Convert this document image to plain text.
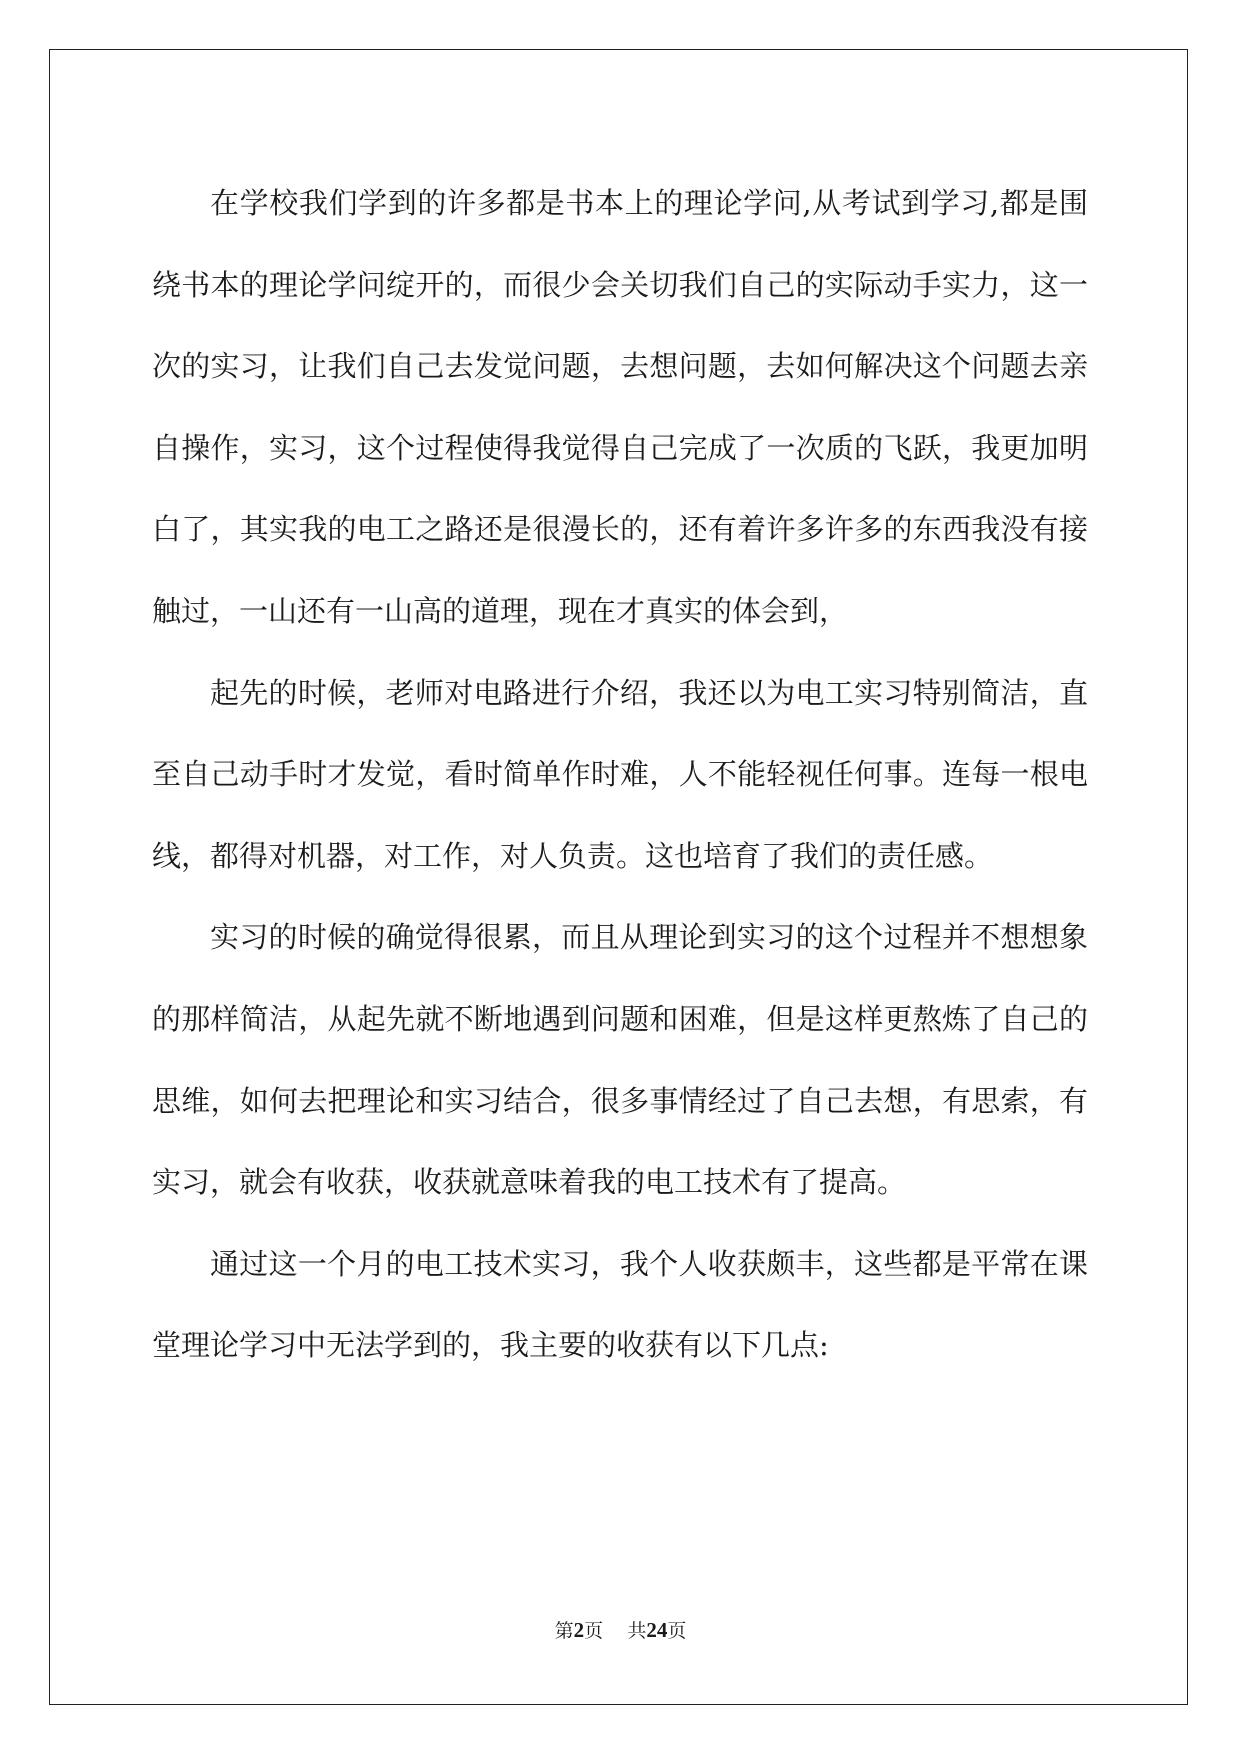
在学校我们学到的许多都是书本上的理论学问,从考试到学习,都是围绕书本的理论学问绽开的，而很少会关切我们自己的实际动手实力，这一次的实习，让我们自己去发觉问题，去想问题，去如何解决这个问题去亲自操作，实习，这个过程使得我觉得自己完成了一次质的飞跃，我更加明白了，其实我的电工之路还是很漫长的，还有着许多许多的东西我没有接触过，一山还有一山高的道理，现在才真实的体会到，

起先的时候，老师对电路进行介绍，我还以为电工实习特别简洁，直至自己动手时才发觉，看时简单作时难，人不能轻视任何事。连每一根电线，都得对机器，对工作，对人负责。这也培育了我们的责任感。

实习的时候的确觉得很累，而且从理论到实习的这个过程并不想想象的那样简洁，从起先就不断地遇到问题和困难，但是这样更熬炼了自己的思维，如何去把理论和实习结合，很多事情经过了自己去想，有思索，有实习，就会有收获，收获就意味着我的电工技术有了提高。

通过这一个月的电工技术实习，我个人收获颇丰，这些都是平常在课堂理论学习中无法学到的，我主要的收获有以下几点:

第2页 共24页
